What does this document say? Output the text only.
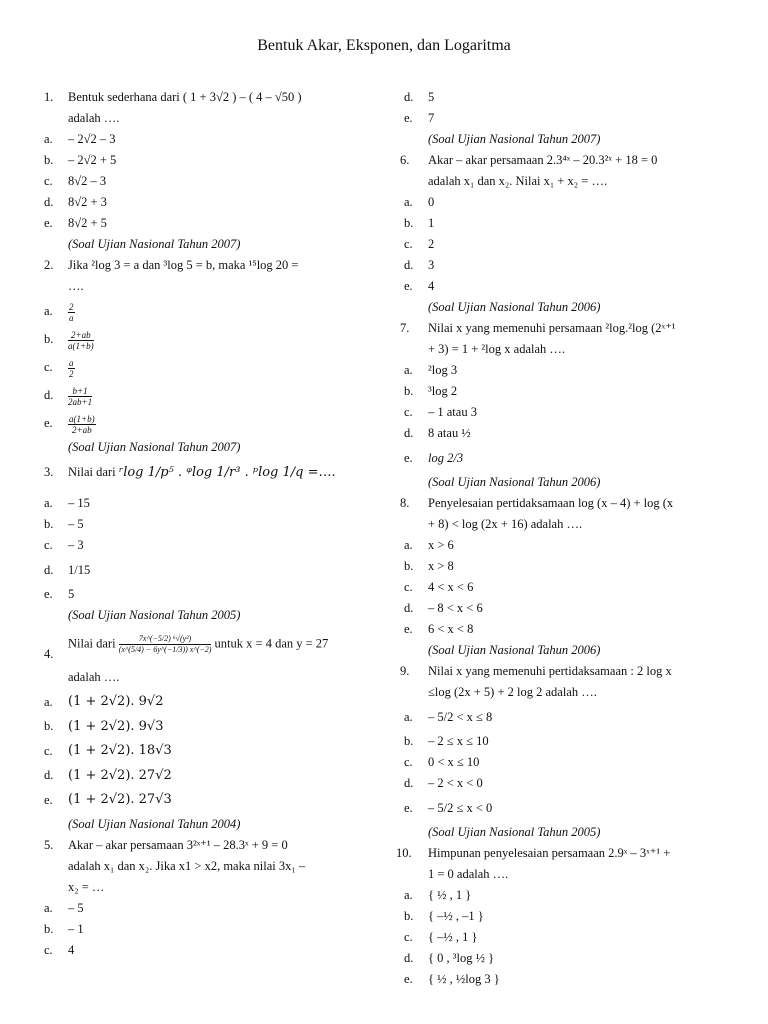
Bentuk Akar, Eksponen, dan Logaritma
1. Bentuk sederhana dari ( 1 + 3√2 ) – ( 4 – √50 )
adalah ….
a. – 2√2 – 3
b. – 2√2 + 5
c. 8√2 – 3
d. 8√2 + 3
e. 8√2 + 5
(Soal Ujian Nasional Tahun 2007)
2. Jika ²log 3 = a dan ³log 5 = b, maka ¹⁵log 20 =
….
a. $\frac{2}{a}$
b. $\frac{2+ab}{a(1+b)}$
c. $\frac{a}{2}$
d. $\frac{b+1}{2ab+1}$
e. $\frac{a(1+b)}{2+ab}$
(Soal Ujian Nasional Tahun 2007)
3. Nilai dari ʳlog 1/p⁵ . ᵠlog 1/r³ . ᵖlog 1/q =….
a. – 15
b. – 5
c. – 3
d. 1/15
e. 5
(Soal Ujian Nasional Tahun 2005)
4.
Nilai dari $\frac{\text{7x\textasciicircum{}(−5/2) ⁶√(y³)}}{(x\^{}(5/4) - 6y\^{}(-1/3)) x\^{}(-2)}$ untuk x = 4 dan y = 27
adalah ….
a. (1 + 2√2). 9√2
b. (1 + 2√2). 9√3
c. (1 + 2√2). 18√3
d. (1 + 2√2). 27√2
e. (1 + 2√2). 27√3
(Soal Ujian Nasional Tahun 2004)
5. Akar – akar persamaan 3²ˣ⁺¹ – 28.3ˣ + 9 = 0
adalah x₁ dan x₂. Jika x1 > x2, maka nilai 3x₁ –
x₂ = …
a. – 5
b. – 1
c. 4
d. 5
e. 7
(Soal Ujian Nasional Tahun 2007)
6. Akar – akar persamaan 2.3⁴ˣ – 20.3²ˣ + 18 = 0
adalah x₁ dan x₂. Nilai x₁ + x₂ = ….
a. 0
b. 1
c. 2
d. 3
e. 4
(Soal Ujian Nasional Tahun 2006)
7. Nilai x yang memenuhi persamaan ²log.²log (2ˣ⁺¹
+ 3) = 1 + ²log x adalah ….
a. ²log 3
b. ³log 2
c. – 1 atau 3
d. 8 atau ½
e. log 2/3
(Soal Ujian Nasional Tahun 2006)
8. Penyelesaian pertidaksamaan log (x – 4) + log (x
+ 8) < log (2x + 16) adalah ….
a. x > 6
b. x > 8
c. 4 < x < 6
d. – 8 < x < 6
e. 6 < x < 8
(Soal Ujian Nasional Tahun 2006)
9. Nilai x yang memenuhi pertidaksamaan : 2 log x
≤log (2x + 5) + 2 log 2 adalah ….
a. – 5/2 < x ≤ 8
b. – 2 ≤ x ≤ 10
c. 0 < x ≤ 10
d. – 2 < x < 0
e. – 5/2 ≤ x < 0
(Soal Ujian Nasional Tahun 2005)
10. Himpunan penyelesaian persamaan 2.9ˣ – 3ˣ⁺¹ +
1 = 0 adalah ….
a. { ½ , 1 }
b. { –½ , –1 }
c. { –½ , 1 }
d. { 0 , ³log ½ }
e. { ½ , ½log 3 }
